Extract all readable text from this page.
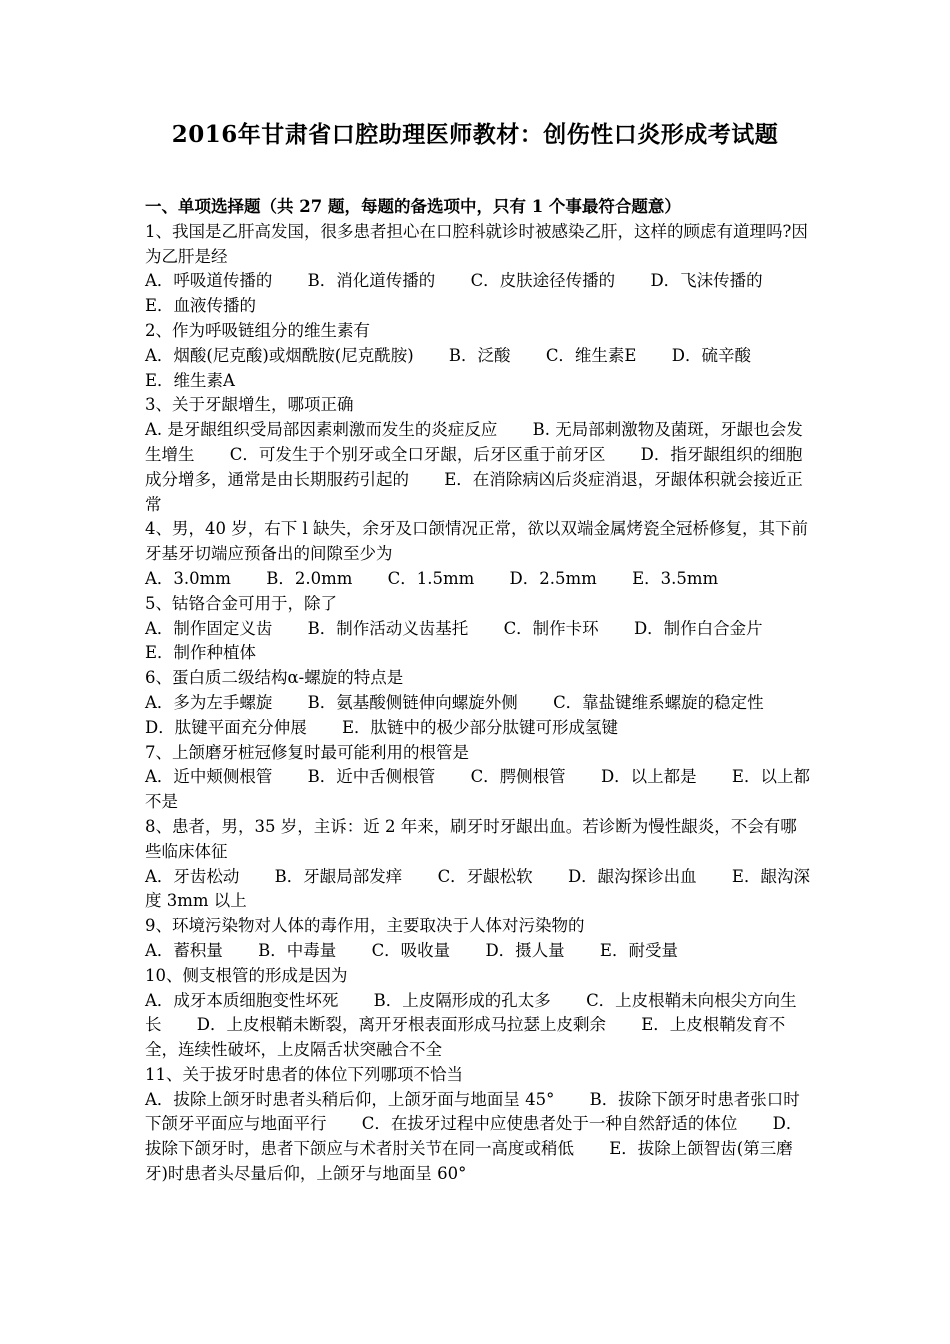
2016年甘肃省口腔助理医师教材：创伤性口炎形成考试题
一、单项选择题（共 27 题，每题的备选项中，只有 1 个事最符合题意）

1、我国是乙肝高发国，很多患者担心在口腔科就诊时被感染乙肝，这样的顾虑有道理吗?因为乙肝是经

A．呼吸道传播的 B．消化道传播的 C．皮肤途径传播的 D．飞沫传播的 E．血液传播的

2、作为呼吸链组分的维生素有

A．烟酸(尼克酸)或烟酰胺(尼克酰胺) B．泛酸 C．维生素E D．硫辛酸 E．维生素A

3、关于牙龈增生，哪项正确

A. 是牙龈组织受局部因素刺激而发生的炎症反应 B. 无局部刺激物及菌斑，牙龈也会发生增生 C．可发生于个别牙或全口牙龈，后牙区重于前牙区 D．指牙龈组织的细胞成分增多，通常是由长期服药引起的 E．在消除病凶后炎症消退，牙龈体积就会接近正常

4、男，40 岁，右下 l 缺失，余牙及口颌情况正常，欲以双端金属烤瓷全冠桥修复，其下前牙基牙切端应预备出的间隙至少为

A．3.0mm B．2.0mm C．1.5mm D．2.5mm E．3.5mm

5、钴铬合金可用于，除了

A．制作固定义齿 B．制作活动义齿基托 C．制作卡环 D．制作白合金片 E．制作种植体

6、蛋白质二级结构α-螺旋的特点是

A．多为左手螺旋 B．氨基酸侧链伸向螺旋外侧 C．靠盐键维系螺旋的稳定性 D．肽键平面充分伸展 E．肽链中的极少部分肽键可形成氢键

7、上颌磨牙桩冠修复时最可能利用的根管是

A．近中颊侧根管 B．近中舌侧根管 C．腭侧根管 D．以上都是 E．以上都不是

8、患者，男，35 岁，主诉：近 2 年来，刷牙时牙龈出血。若诊断为慢性龈炎，不会有哪些临床体征

A．牙齿松动 B．牙龈局部发痒 C．牙龈松软 D．龈沟探诊出血 E．龈沟深度 3mm 以上

9、环境污染物对人体的毒作用，主要取决于人体对污染物的

A．蓄积量 B．中毒量 C．吸收量 D．摄人量 E．耐受量

10、侧支根管的形成是因为

A．成牙本质细胞变性坏死 B．上皮隔形成的孔太多 C．上皮根鞘未向根尖方向生长 D．上皮根鞘未断裂，离开牙根表面形成马拉瑟上皮剩余 E．上皮根鞘发育不全，连续性破坏，上皮隔舌状突融合不全

11、关于拔牙时患者的体位下列哪项不恰当

A．拔除上颌牙时患者头稍后仰，上颌牙面与地面呈 45° B．拔除下颌牙时患者张口时下颌牙平面应与地面平行 C．在拔牙过程中应使患者处于一种自然舒适的体位 D．拔除下颌牙时，患者下颌应与术者肘关节在同一高度或稍低 E．拔除上颌智齿(第三磨牙)时患者头尽量后仰，上颌牙与地面呈 60°
